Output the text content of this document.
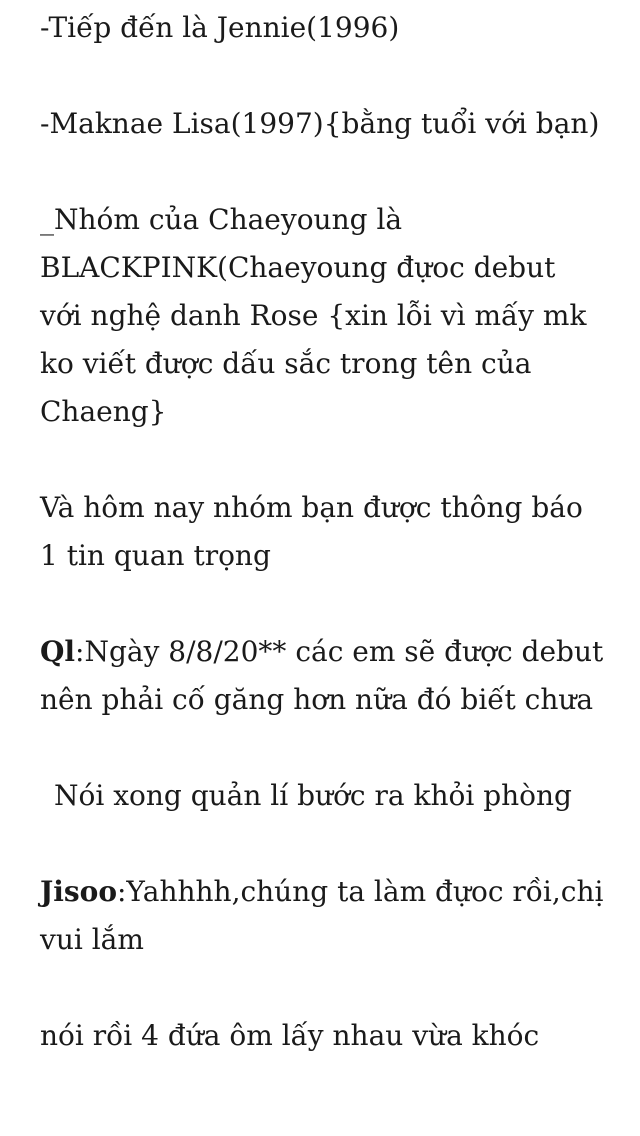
-Tiếp đến là Jennie(1996)

-Maknae Lisa(1997){bằng tuổi với bạn)

_Nhóm của Chaeyoung là BLACKPINK(Chaeyoung đựoc debut với nghệ danh Rose {xin lỗi vì mấy mk ko viết được dấu sắc trong tên của Chaeng}

Và hôm nay nhóm bạn được thông báo 1 tin quan trọng

Ql:Ngày 8/8/20** các em sẽ được debut nên phải cố găng hơn nữa đó biết chưa

Nói xong quản lí bước ra khỏi phòng

Jisoo:Yahhhh,chúng ta làm đựoc rồi,chị vui lắm

nói rồi 4 đứa ôm lấy nhau vừa khóc
